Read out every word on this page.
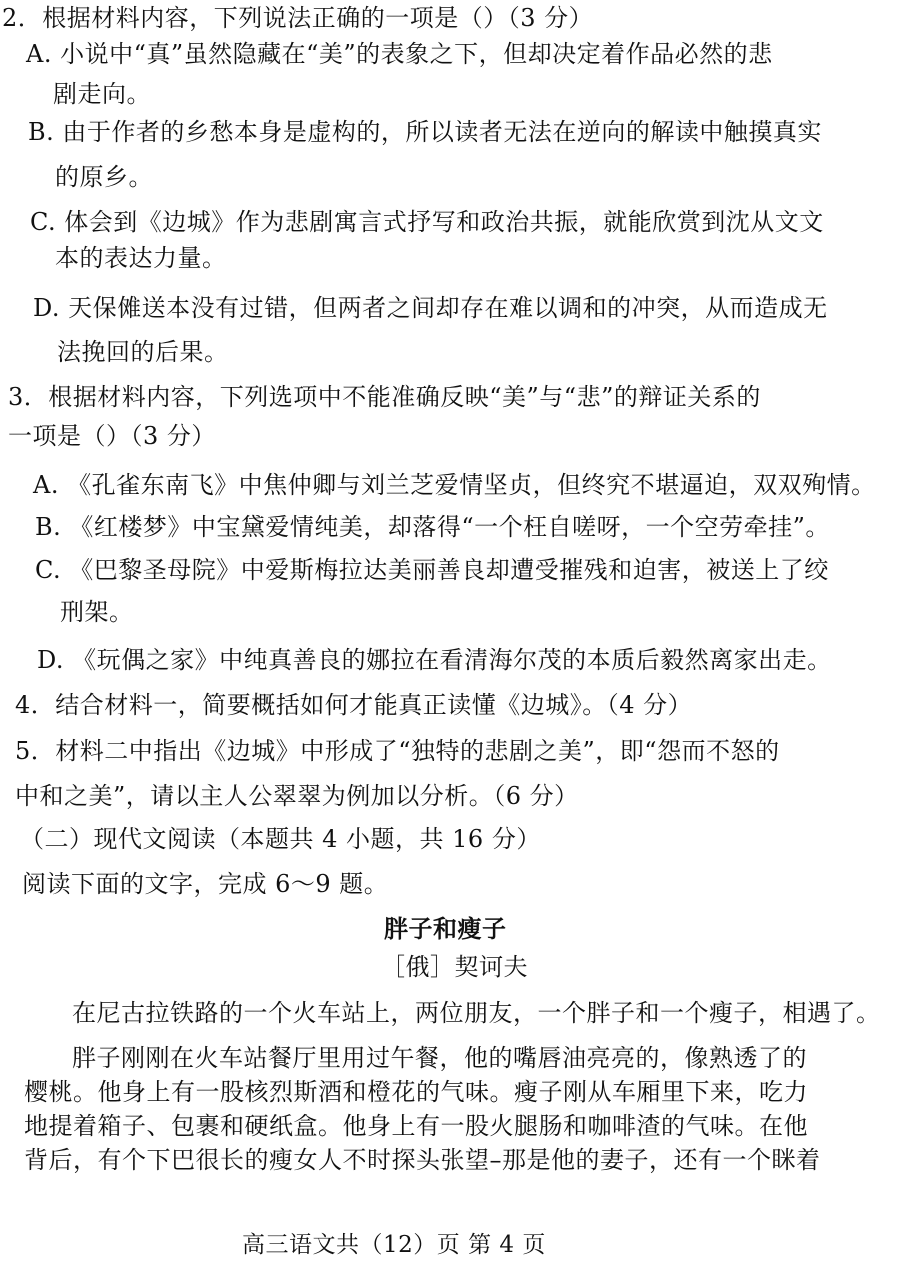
2．根据材料内容，下列说法正确的一项是（）（3 分）
A. 小说中“真”虽然隐藏在“美”的表象之下，但却决定着作品必然的悲
剧走向。
B. 由于作者的乡愁本身是虚构的，所以读者无法在逆向的解读中触摸真实
的原乡。
C. 体会到《边城》作为悲剧寓言式抒写和政治共振，就能欣赏到沈从文文
本的表达力量。
D. 天保傩送本没有过错，但两者之间却存在难以调和的冲突，从而造成无
法挽回的后果。
3．根据材料内容，下列选项中不能准确反映“美”与“悲”的辩证关系的
一项是（）（3 分）
A. 《孔雀东南飞》中焦仲卿与刘兰芝爱情坚贞，但终究不堪逼迫，双双殉情。
B. 《红楼梦》中宝黛爱情纯美，却落得“一个枉自嗟呀，一个空劳牵挂”。
C. 《巴黎圣母院》中爱斯梅拉达美丽善良却遭受摧残和迫害，被送上了绞
刑架。
D. 《玩偶之家》中纯真善良的娜拉在看清海尔茂的本质后毅然离家出走。
4．结合材料一，简要概括如何才能真正读懂《边城》。（4 分）
5．材料二中指出《边城》中形成了“独特的悲剧之美”，即“怨而不怒的
中和之美”，请以主人公翠翠为例加以分析。（6 分）
（二）现代文阅读（本题共 4 小题，共 16 分）
阅读下面的文字，完成 6～9 题。
胖子和瘦子
［俄］契诃夫
在尼古拉铁路的一个火车站上，两位朋友，一个胖子和一个瘦子，相遇了。
胖子刚刚在火车站餐厅里用过午餐，他的嘴唇油亮亮的，像熟透了的
樱桃。他身上有一股核烈斯酒和橙花的气味。瘦子刚从车厢里下来，吃力
地提着箱子、包裹和硬纸盒。他身上有一股火腿肠和咖啡渣的气味。在他
背后，有个下巴很长的瘦女人不时探头张望–那是他的妻子，还有一个眯着
高三语文共（12）页 第 4 页
